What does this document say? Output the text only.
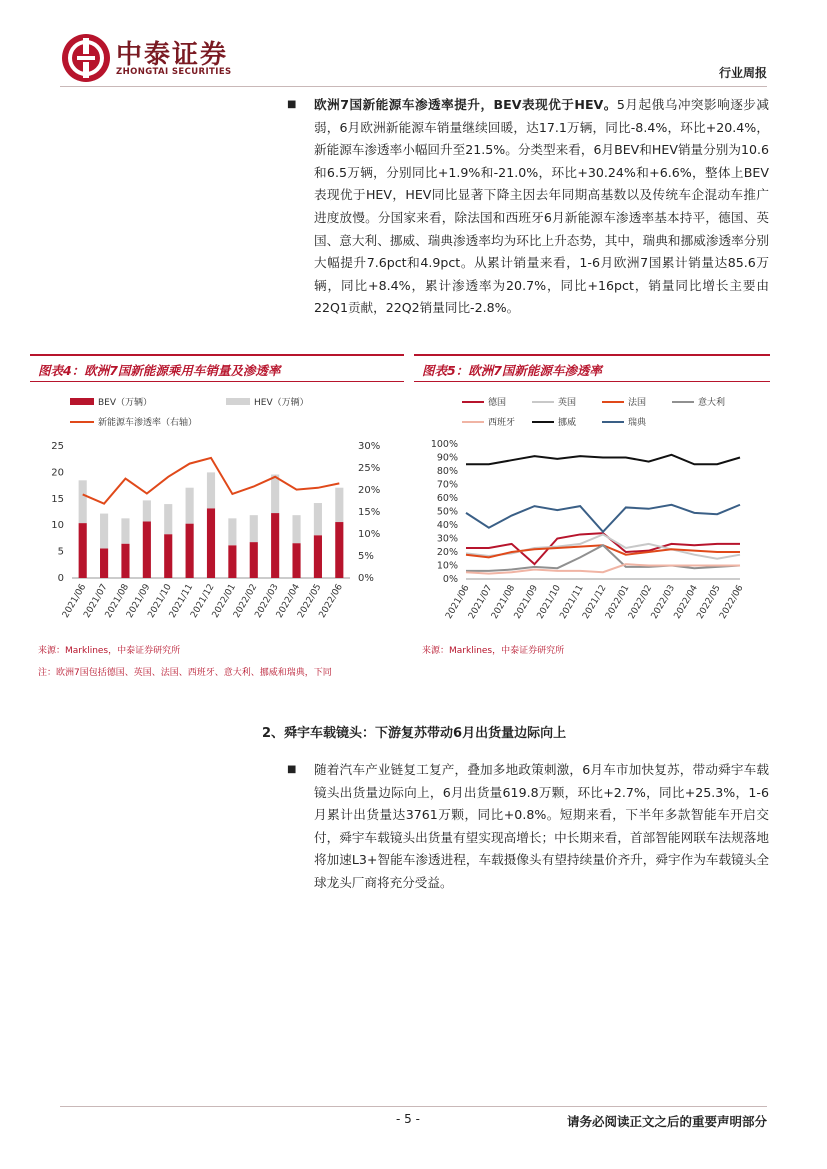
中泰证券
ZHONGTAI SECURITIES	行业周报
■ 欧洲7国新能源车渗透率提升，BEV表现优于HEV。5月起俄乌冲突影响逐步减弱，6月欧洲新能源车销量继续回暖，达17.1万辆，同比-8.4%，环比+20.4%，新能源车渗透率小幅回升至21.5%。分类型来看，6月BEV和HEV销量分别为10.6和6.5万辆，分别同比+1.9%和-21.0%，环比+30.24%和+6.6%，整体上BEV表现优于HEV，HEV同比显著下降主因去年同期高基数以及传统车企混动车推广进度放慢。分国家来看，除法国和西班牙6月新能源车渗透率基本持平，德国、英国、意大利、挪威、瑞典渗透率均为环比上升态势，其中，瑞典和挪威渗透率分别大幅提升7.6pct和4.9pct。从累计销量来看，1-6月欧洲7国累计销量达85.6万辆，同比+8.4%，累计渗透率为20.7%，同比+16pct，销量同比增长主要由22Q1贡献，22Q2销量同比-2.8%。
图表4：欧洲7国新能源乘用车销量及渗透率
BEV（万辆）	HEV（万辆）
新能源车渗透率（右轴）
0
5
10
15
20
25
0%
5%
10%
15%
20%
25%
30%
2021/06
2021/07
2021/08
2021/09
2021/10
2021/11
2021/12
2022/01
2022/02
2022/03
2022/04
2022/05
2022/06
来源：Marklines，中泰证券研究所
注：欧洲7国包括德国、英国、法国、西班牙、意大利、挪威和瑞典，下同
图表5：欧洲7国新能源车渗透率
德国	英国	法国	意大利
西班牙	挪威	瑞典
0%
10%
20%
30%
40%
50%
60%
70%
80%
90%
100%
2021/06
2021/07
2021/08
2021/09
2021/10
2021/11
2021/12
2022/01
2022/02
2022/03
2022/04
2022/05
2022/06
来源：Marklines，中泰证券研究所
2、舜宇车载镜头：下游复苏带动6月出货量边际向上
■ 随着汽车产业链复工复产，叠加多地政策刺激，6月车市加快复苏，带动舜宇车载镜头出货量边际向上，6月出货量619.8万颗，环比+2.7%，同比+25.3%，1-6月累计出货量达3761万颗，同比+0.8%。短期来看，下半年多款智能车开启交付，舜宇车载镜头出货量有望实现高增长；中长期来看，首部智能网联车法规落地将加速L3+智能车渗透进程，车载摄像头有望持续量价齐升，舜宇作为车载镜头全球龙头厂商将充分受益。
- 5 -	请务必阅读正文之后的重要声明部分
